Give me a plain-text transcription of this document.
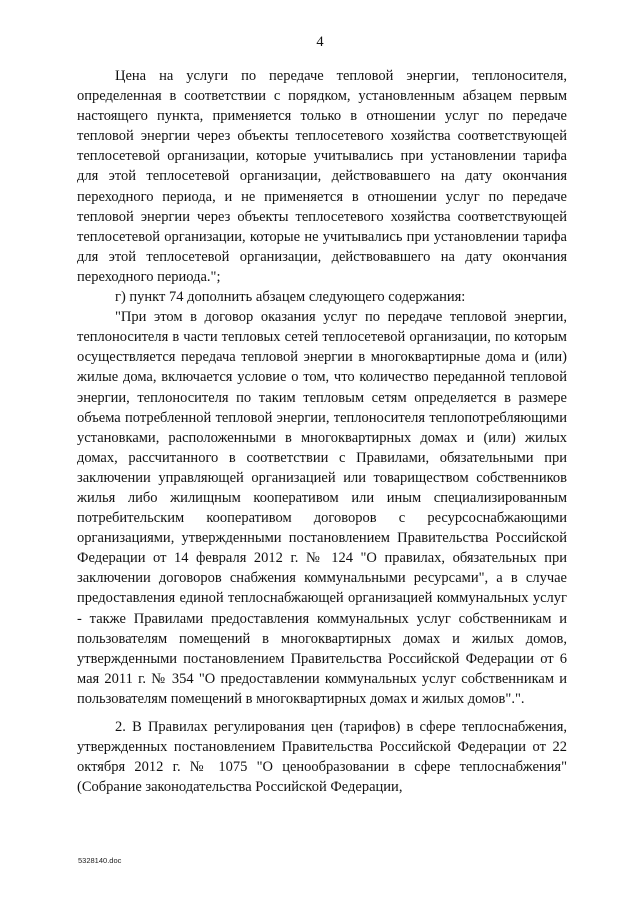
4

Цена на услуги по передаче тепловой энергии, теплоносителя, определенная в соответствии с порядком, установленным абзацем первым настоящего пункта, применяется только в отношении услуг по передаче тепловой энергии через объекты теплосетевого хозяйства соответствующей теплосетевой организации, которые учитывались при установлении тарифа для этой теплосетевой организации, действовавшего на дату окончания переходного периода, и не применяется в отношении услуг по передаче тепловой энергии через объекты теплосетевого хозяйства соответствующей теплосетевой организации, которые не учитывались при установлении тарифа для этой теплосетевой организации, действовавшего на дату окончания переходного периода.";

г) пункт 74 дополнить абзацем следующего содержания:

"При этом в договор оказания услуг по передаче тепловой энергии, теплоносителя в части тепловых сетей теплосетевой организации, по которым осуществляется передача тепловой энергии в многоквартирные дома и (или) жилые дома, включается условие о том, что количество переданной тепловой энергии, теплоносителя по таким тепловым сетям определяется в размере объема потребленной тепловой энергии, теплоносителя теплопотребляющими установками, расположенными в многоквартирных домах и (или) жилых домах, рассчитанного в соответствии с Правилами, обязательными при заключении управляющей организацией или товариществом собственников жилья либо жилищным кооперативом или иным специализированным потребительским кооперативом договоров с ресурсоснабжающими организациями, утвержденными постановлением Правительства Российской Федерации от 14 февраля 2012 г. № 124 "О правилах, обязательных при заключении договоров снабжения коммунальными ресурсами", а в случае предоставления единой теплоснабжающей организацией коммунальных услуг - также Правилами предоставления коммунальных услуг собственникам и пользователям помещений в многоквартирных домах и жилых домов, утвержденными постановлением Правительства Российской Федерации от 6 мая 2011 г. № 354 "О предоставлении коммунальных услуг собственникам и пользователям помещений в многоквартирных домах и жилых домов".".

2. В Правилах регулирования цен (тарифов) в сфере теплоснабжения, утвержденных постановлением Правительства Российской Федерации от 22 октября 2012 г. № 1075 "О ценообразовании в сфере теплоснабжения" (Собрание законодательства Российской Федерации,

5328140.doc
